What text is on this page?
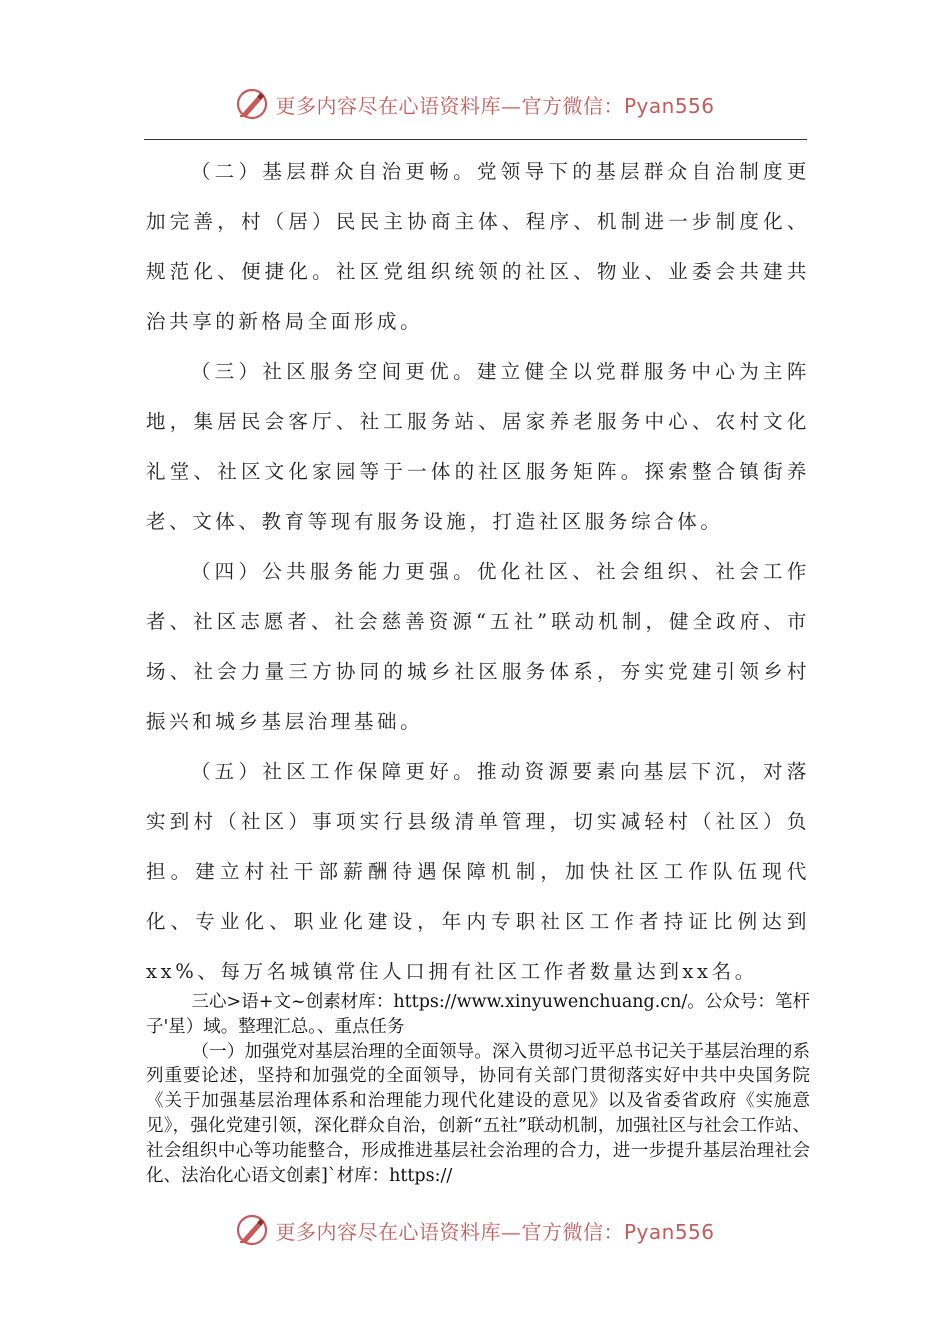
更多内容尽在心语资料库—官方微信：Pyan556

（二）基层群众自治更畅。党领导下的基层群众自治制度更加完善，村（居）民民主协商主体、程序、机制进一步制度化、规范化、便捷化。社区党组织统领的社区、物业、业委会共建共治共享的新格局全面形成。

（三）社区服务空间更优。建立健全以党群服务中心为主阵地，集居民会客厅、社工服务站、居家养老服务中心、农村文化礼堂、社区文化家园等于一体的社区服务矩阵。探索整合镇街养老、文体、教育等现有服务设施，打造社区服务综合体。

（四）公共服务能力更强。优化社区、社会组织、社会工作者、社区志愿者、社会慈善资源“五社”联动机制，健全政府、市场、社会力量三方协同的城乡社区服务体系，夯实党建引领乡村振兴和城乡基层治理基础。

（五）社区工作保障更好。推动资源要素向基层下沉，对落实到村（社区）事项实行县级清单管理，切实减轻村（社区）负担。建立村社干部薪酬待遇保障机制，加快社区工作队伍现代化、专业化、职业化建设，年内专职社区工作者持证比例达到xx%、每万名城镇常住人口拥有社区工作者数量达到xx名。

三心>语+文~创素材库：https://www.xinyuwenchuang.cn/。公众号：笔杆子'星）域。整理汇总。、重点任务

（一）加强党对基层治理的全面领导。深入贯彻习近平总书记关于基层治理的系列重要论述，坚持和加强党的全面领导，协同有关部门贯彻落实好中共中央国务院《关于加强基层治理体系和治理能力现代化建设的意见》以及省委省政府《实施意见》，强化党建引领，深化群众自治，创新“五社”联动机制，加强社区与社会工作站、社会组织中心等功能整合，形成推进基层社会治理的合力，进一步提升基层治理社会化、法治化心语文创素]`材库：https://

更多内容尽在心语资料库—官方微信：Pyan556
